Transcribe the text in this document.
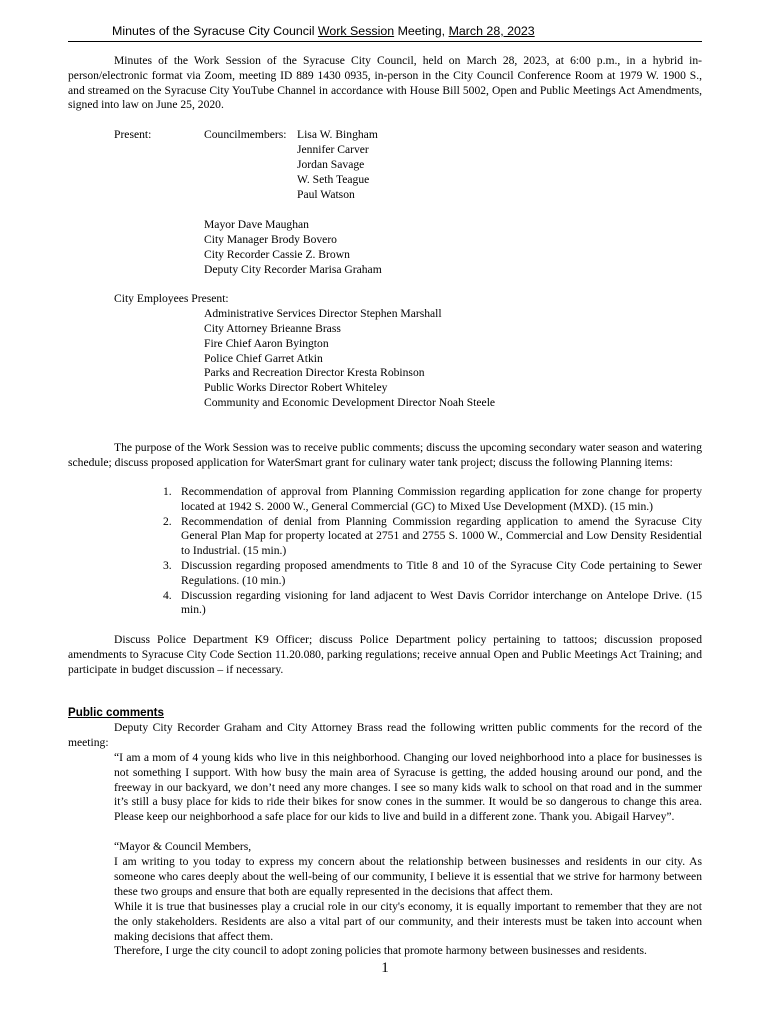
Minutes of the Syracuse City Council Work Session Meeting, March 28, 2023
Minutes of the Work Session of the Syracuse City Council, held on March 28, 2023, at 6:00 p.m., in a hybrid in-person/electronic format via Zoom, meeting ID 889 1430 0935, in-person in the City Council Conference Room at 1979 W. 1900 S., and streamed on the Syracuse City YouTube Channel in accordance with House Bill 5002, Open and Public Meetings Act Amendments, signed into law on June 25, 2020.
Present:	Councilmembers: Lisa W. Bingham
Jennifer Carver
Jordan Savage
W. Seth Teague
Paul Watson
Mayor Dave Maughan
City Manager Brody Bovero
City Recorder Cassie Z. Brown
Deputy City Recorder Marisa Graham
City Employees Present:
Administrative Services Director Stephen Marshall
City Attorney Brieanne Brass
Fire Chief Aaron Byington
Police Chief Garret Atkin
Parks and Recreation Director Kresta Robinson
Public Works Director Robert Whiteley
Community and Economic Development Director Noah Steele
The purpose of the Work Session was to receive public comments; discuss the upcoming secondary water season and watering schedule; discuss proposed application for WaterSmart grant for culinary water tank project; discuss the following Planning items:
1. Recommendation of approval from Planning Commission regarding application for zone change for property located at 1942 S. 2000 W., General Commercial (GC) to Mixed Use Development (MXD). (15 min.)
2. Recommendation of denial from Planning Commission regarding application to amend the Syracuse City General Plan Map for property located at 2751 and 2755 S. 1000 W., Commercial and Low Density Residential to Industrial. (15 min.)
3. Discussion regarding proposed amendments to Title 8 and 10 of the Syracuse City Code pertaining to Sewer Regulations. (10 min.)
4. Discussion regarding visioning for land adjacent to West Davis Corridor interchange on Antelope Drive. (15 min.)
Discuss Police Department K9 Officer; discuss Police Department policy pertaining to tattoos; discussion proposed amendments to Syracuse City Code Section 11.20.080, parking regulations; receive annual Open and Public Meetings Act Training; and participate in budget discussion – if necessary.
Public comments
Deputy City Recorder Graham and City Attorney Brass read the following written public comments for the record of the meeting:
“I am a mom of 4 young kids who live in this neighborhood. Changing our loved neighborhood into a place for businesses is not something I support. With how busy the main area of Syracuse is getting, the added housing around our pond, and the freeway in our backyard, we don’t need any more changes. I see so many kids walk to school on that road and in the summer it’s still a busy place for kids to ride their bikes for snow cones in the summer. It would be so dangerous to change this area. Please keep our neighborhood a safe place for our kids to live and build in a different zone. Thank you. Abigail Harvey”.
“Mayor & Council Members,
I am writing to you today to express my concern about the relationship between businesses and residents in our city. As someone who cares deeply about the well-being of our community, I believe it is essential that we strive for harmony between these two groups and ensure that both are equally represented in the decisions that affect them.
While it is true that businesses play a crucial role in our city's economy, it is equally important to remember that they are not the only stakeholders. Residents are also a vital part of our community, and their interests must be taken into account when making decisions that affect them.
Therefore, I urge the city council to adopt zoning policies that promote harmony between businesses and residents.
1
